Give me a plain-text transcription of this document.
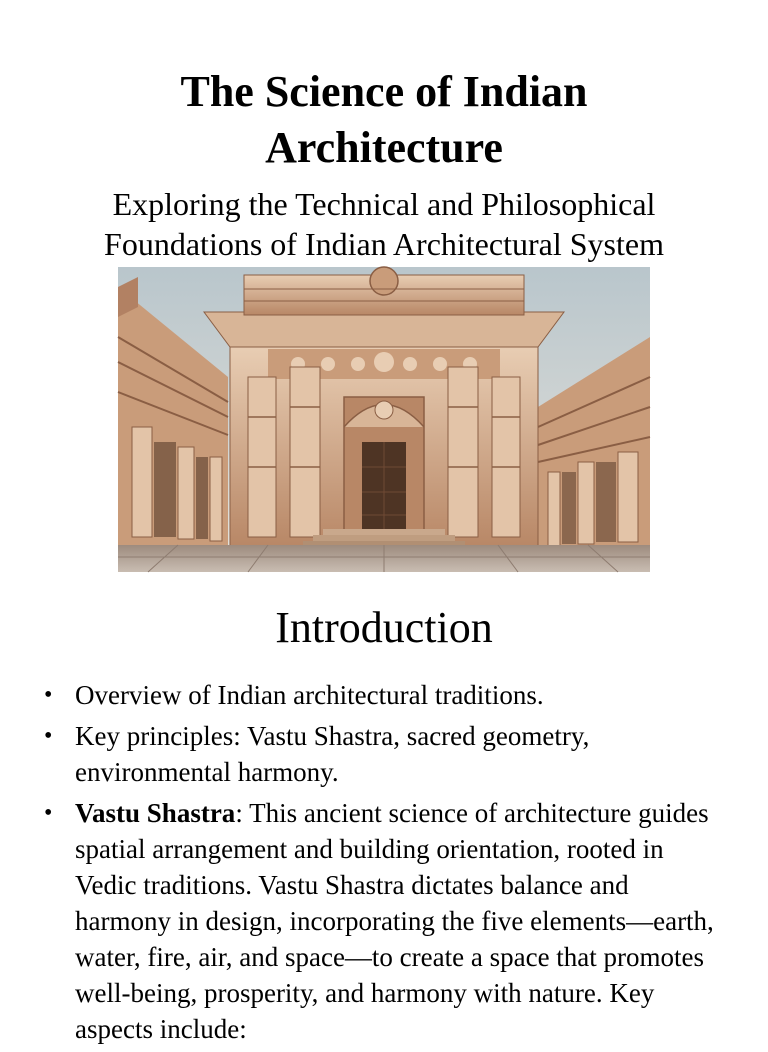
The Science of Indian Architecture

Exploring the Technical and Philosophical Foundations of Indian Architectural System

Introduction
• Overview of Indian architectural traditions.
• Key principles: Vastu Shastra, sacred geometry, environmental harmony.
• Vastu Shastra: This ancient science of architecture guides spatial arrangement and building orientation, rooted in Vedic traditions. Vastu Shastra dictates balance and harmony in design, incorporating the five elements—earth, water, fire, air, and space—to create a space that promotes well-being, prosperity, and harmony with nature. Key aspects include:
